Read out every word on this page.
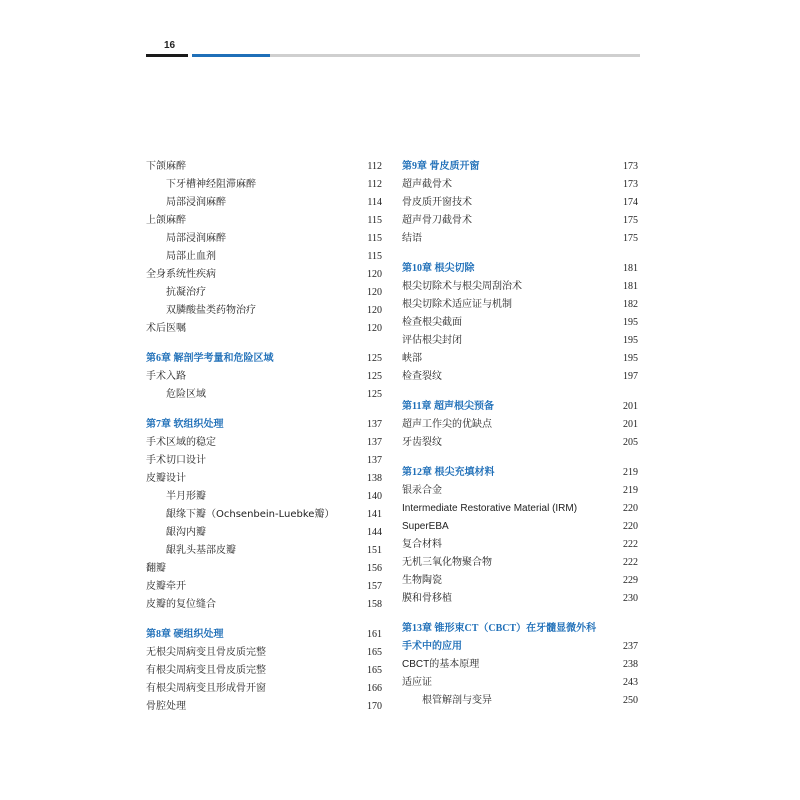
16
下颌麻醉	112
下牙槽神经阻滞麻醉	112
局部浸润麻醉	114
上颌麻醉	115
局部浸润麻醉	115
局部止血剂	115
全身系统性疾病	120
抗凝治疗	120
双膦酸盐类药物治疗	120
术后医嘱	120
第6章 解剖学考量和危险区域	125
手术入路	125
危险区域	125
第7章 软组织处理	137
手术区域的稳定	137
手术切口设计	137
皮瓣设计	138
半月形瓣	140
龈缘下瓣（Ochsenbein-Luebke瓣）	141
龈沟内瓣	144
龈乳头基部皮瓣	151
翻瓣	156
皮瓣牵开	157
皮瓣的复位缝合	158
第8章 硬组织处理	161
无根尖周病变且骨皮质完整	165
有根尖周病变且骨皮质完整	165
有根尖周病变且形成骨开窗	166
骨腔处理	170
第9章 骨皮质开窗	173
超声截骨术	173
骨皮质开窗技术	174
超声骨刀截骨术	175
结语	175
第10章 根尖切除	181
根尖切除术与根尖周刮治术	181
根尖切除术适应证与机制	182
检查根尖截面	195
评估根尖封闭	195
峡部	195
检查裂纹	197
第11章 超声根尖预备	201
超声工作尖的优缺点	201
牙齿裂纹	205
第12章 根尖充填材料	219
银汞合金	219
Intermediate Restorative Material (IRM)	220
SuperEBA	220
复合材料	222
无机三氧化物聚合物	222
生物陶瓷	229
膜和骨移植	230
第13章 锥形束CT（CBCT）在牙髓显微外科
手术中的应用	237
CBCT的基本原理	238
适应证	243
根管解剖与变异	250
